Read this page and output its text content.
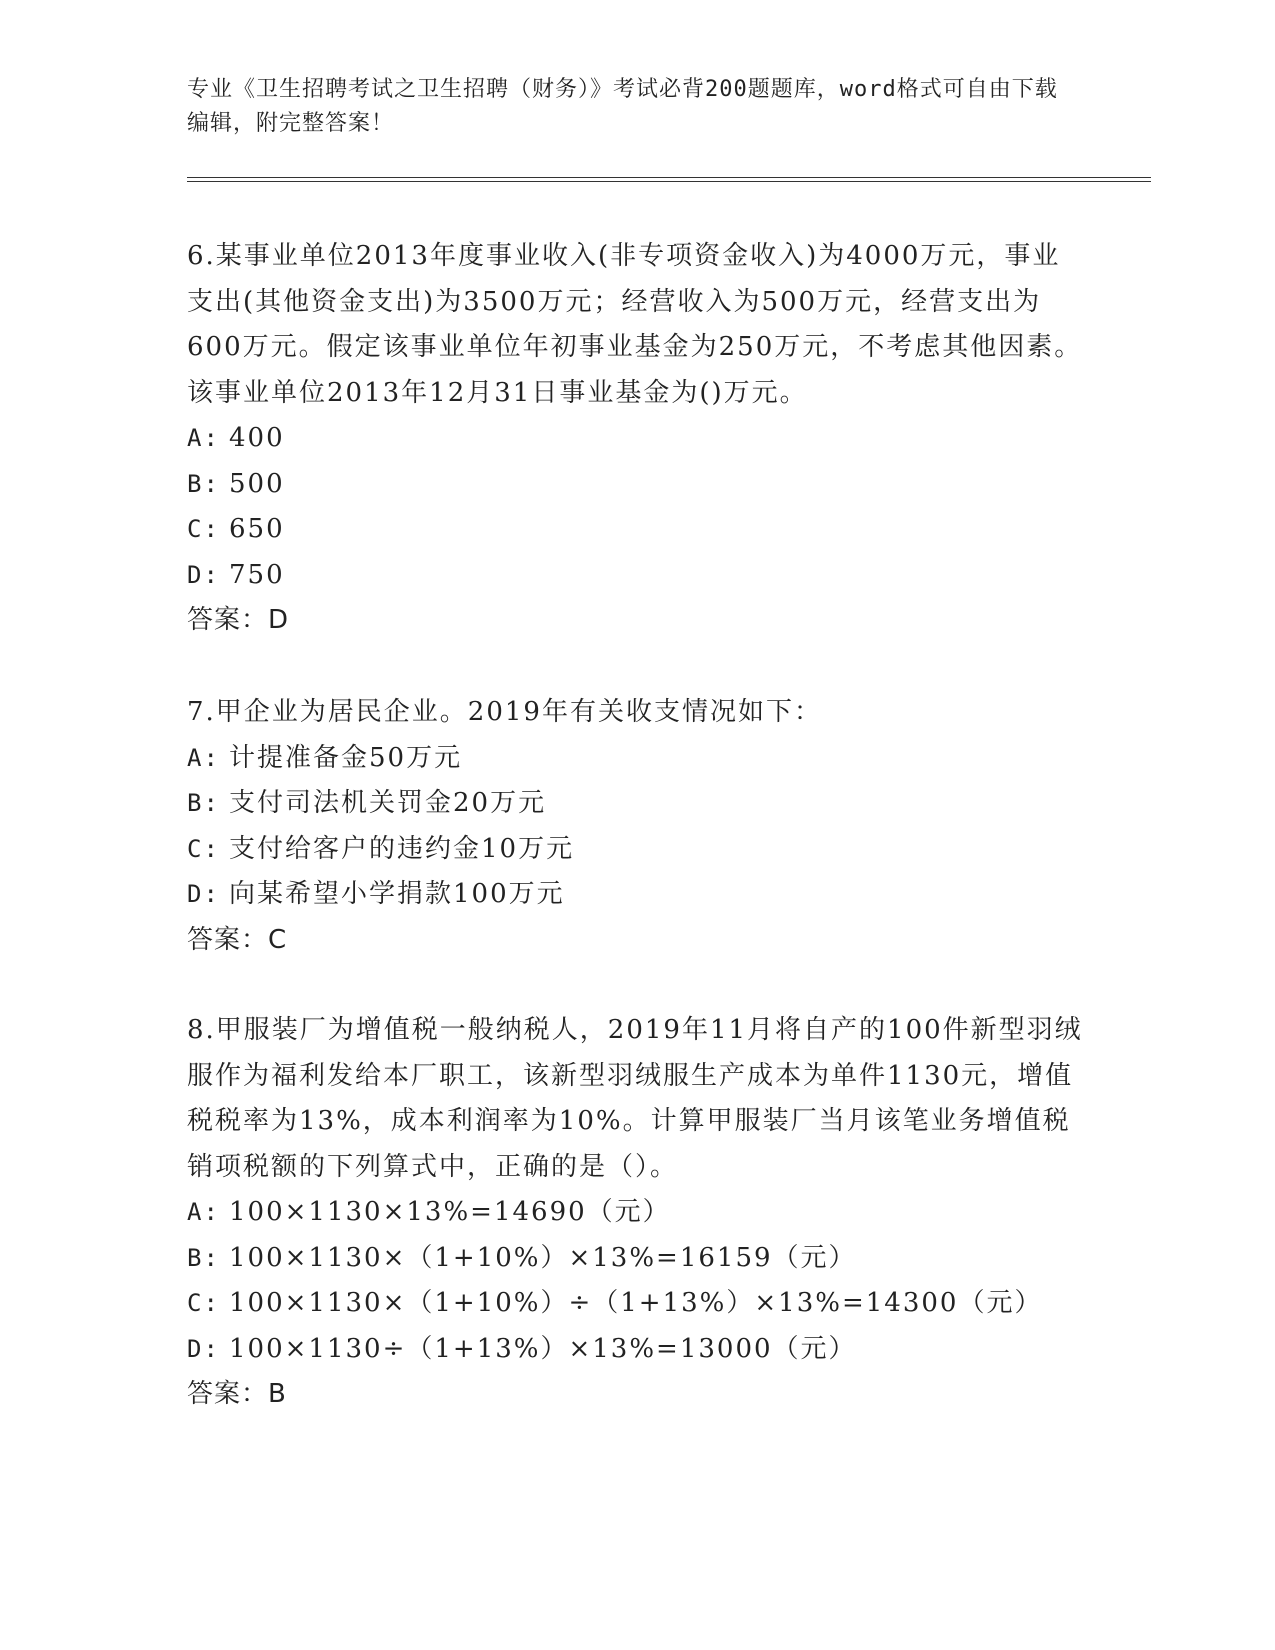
专业《卫生招聘考试之卫生招聘（财务）》考试必背200题题库，word格式可自由下载编辑，附完整答案！

6.某事业单位2013年度事业收入(非专项资金收入)为4000万元，事业支出(其他资金支出)为3500万元；经营收入为500万元，经营支出为600万元。假定该事业单位年初事业基金为250万元，不考虑其他因素。该事业单位2013年12月31日事业基金为()万元。

A: 400
B: 500
C: 650
D: 750
答案：D

7.甲企业为居民企业。2019年有关收支情况如下：

A: 计提准备金50万元
B: 支付司法机关罚金20万元
C: 支付给客户的违约金10万元
D: 向某希望小学捐款100万元
答案：C

8.甲服装厂为增值税一般纳税人，2019年11月将自产的100件新型羽绒服作为福利发给本厂职工，该新型羽绒服生产成本为单件1130元，增值税税率为13%，成本利润率为10%。计算甲服装厂当月该笔业务增值税销项税额的下列算式中，正确的是（）。

A: 100×1130×13%=14690（元）
B: 100×1130×（1+10%）×13%=16159（元）
C: 100×1130×（1+10%）÷（1+13%）×13%=14300（元）
D: 100×1130÷（1+13%）×13%=13000（元）
答案：B
